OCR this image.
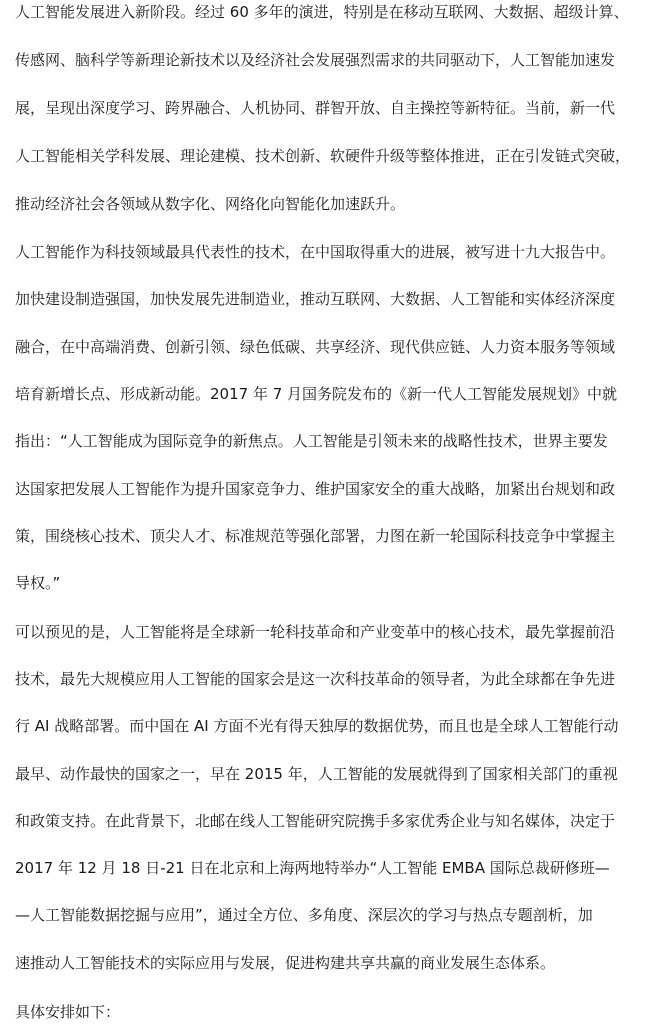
人工智能发展进入新阶段。经过 60 多年的演进，特别是在移动互联网、大数据、超级计算、
传感网、脑科学等新理论新技术以及经济社会发展强烈需求的共同驱动下，人工智能加速发
展，呈现出深度学习、跨界融合、人机协同、群智开放、自主操控等新特征。当前，新一代
人工智能相关学科发展、理论建模、技术创新、软硬件升级等整体推进，正在引发链式突破，
推动经济社会各领域从数字化、网络化向智能化加速跃升。
人工智能作为科技领域最具代表性的技术，在中国取得重大的进展，被写进十九大报告中。
加快建设制造强国，加快发展先进制造业，推动互联网、大数据、人工智能和实体经济深度
融合，在中高端消费、创新引领、绿色低碳、共享经济、现代供应链、人力资本服务等领域
培育新增长点、形成新动能。2017 年 7 月国务院发布的《新一代人工智能发展规划》中就
指出：“人工智能成为国际竞争的新焦点。人工智能是引领未来的战略性技术，世界主要发
达国家把发展人工智能作为提升国家竞争力、维护国家安全的重大战略，加紧出台规划和政
策，围绕核心技术、顶尖人才、标准规范等强化部署，力图在新一轮国际科技竞争中掌握主
导权。”
可以预见的是，人工智能将是全球新一轮科技革命和产业变革中的核心技术，最先掌握前沿
技术，最先大规模应用人工智能的国家会是这一次科技革命的领导者，为此全球都在争先进
行 AI 战略部署。而中国在 AI 方面不光有得天独厚的数据优势，而且也是全球人工智能行动
最早、动作最快的国家之一，早在 2015 年，人工智能的发展就得到了国家相关部门的重视
和政策支持。在此背景下，北邮在线人工智能研究院携手多家优秀企业与知名媒体，决定于
2017 年 12 月 18 日-21 日在北京和上海两地特举办“人工智能 EMBA 国际总裁研修班—
—人工智能数据挖掘与应用”，通过全方位、多角度、深层次的学习与热点专题剖析，加
速推动人工智能技术的实际应用与发展，促进构建共享共赢的商业发展生态体系。
具体安排如下：
